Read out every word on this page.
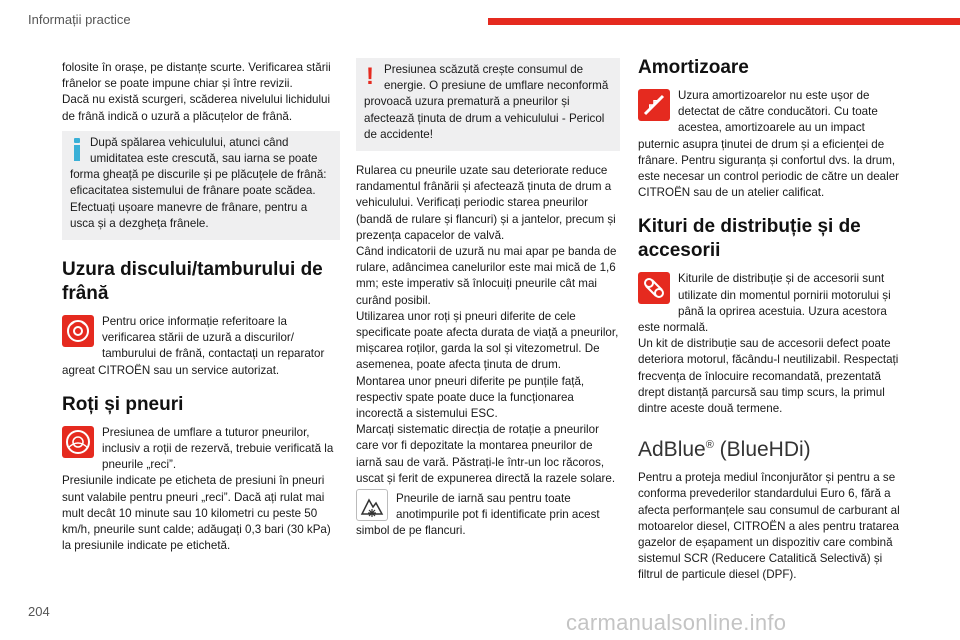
Informații practice

folosite în orașe, pe distanțe scurte. Verificarea stării frânelor se poate impune chiar și între revizii.
Dacă nu există scurgeri, scăderea nivelului lichidului de frână indică o uzură a plăcuțelor de frână.

După spălarea vehiculului, atunci când umiditatea este crescută, sau iarna se poate forma gheață pe discurile și pe plăcuțele de frână: eficacitatea sistemului de frânare poate scădea. Efectuați ușoare manevre de frânare, pentru a usca și a dezgheța frânele.

Uzura discului/tamburului de frână

Pentru orice informație referitoare la verificarea stării de uzură a discurilor/ tamburului de frână, contactați un reparator agreat CITROËN sau un service autorizat.

Roți și pneuri

Presiunea de umflare a tuturor pneurilor, inclusiv a roții de rezervă, trebuie verificată la pneurile „reci”.
Presiunile indicate pe eticheta de presiuni în pneuri sunt valabile pentru pneuri „reci”. Dacă ați rulat mai mult decât 10 minute sau 10 kilometri cu peste 50 km/h, pneurile sunt calde; adăugați 0,3 bari (30 kPa) la presiunile indicate pe etichetă.

! Presiunea scăzută crește consumul de energie. O presiune de umflare neconformă provoacă uzura prematură a pneurilor și afectează ținuta de drum a vehiculului - Pericol de accidente!

Rularea cu pneurile uzate sau deteriorate reduce randamentul frânării și afectează ținuta de drum a vehiculului. Verificați periodic starea pneurilor (bandă de rulare și flancuri) și a jantelor, precum și prezența capacelor de valvă.
Când indicatorii de uzură nu mai apar pe banda de rulare, adâncimea canelurilor este mai mică de 1,6 mm; este imperativ să înlocuiți pneurile cât mai curând posibil.
Utilizarea unor roți și pneuri diferite de cele specificate poate afecta durata de viață a pneurilor, mișcarea roților, garda la sol și vitezometrul. De asemenea, poate afecta ținuta de drum.
Montarea unor pneuri diferite pe punțile față, respectiv spate poate duce la funcționarea incorectă a sistemului ESC.
Marcați sistematic direcția de rotație a pneurilor care vor fi depozitate la montarea pneurilor de iarnă sau de vară. Păstrați-le într-un loc răcoros, uscat și ferit de expunerea directă la razele solare.

Pneurile de iarnă sau pentru toate anotimpurile pot fi identificate prin acest simbol de pe flancuri.

Amortizoare

Uzura amortizoarelor nu este ușor de detectat de către conducători. Cu toate acestea, amortizoarele au un impact puternic asupra ținutei de drum și a eficienței de frânare. Pentru siguranța și confortul dvs. la drum, este necesar un control periodic de către un dealer CITROËN sau de un atelier calificat.

Kituri de distribuție și de accesorii

Kiturile de distribuție și de accesorii sunt utilizate din momentul pornirii motorului și până la oprirea acestuia. Uzura acestora este normală.
Un kit de distribuție sau de accesorii defect poate deteriora motorul, făcându-l neutilizabil. Respectați frecvența de înlocuire recomandată, prezentată drept distanță parcursă sau timp scurs, la primul dintre aceste două termene.

AdBlue® (BlueHDi)

Pentru a proteja mediul înconjurător și pentru a se conforma prevederilor standardului Euro 6, fără a afecta performanțele sau consumul de carburant al motoarelor diesel, CITROËN a ales pentru tratarea gazelor de eșapament un dispozitiv care combină sistemul SCR (Reducere Catalitică Selectivă) și filtrul de particule diesel (DPF).

204	carmanualsonline.info
